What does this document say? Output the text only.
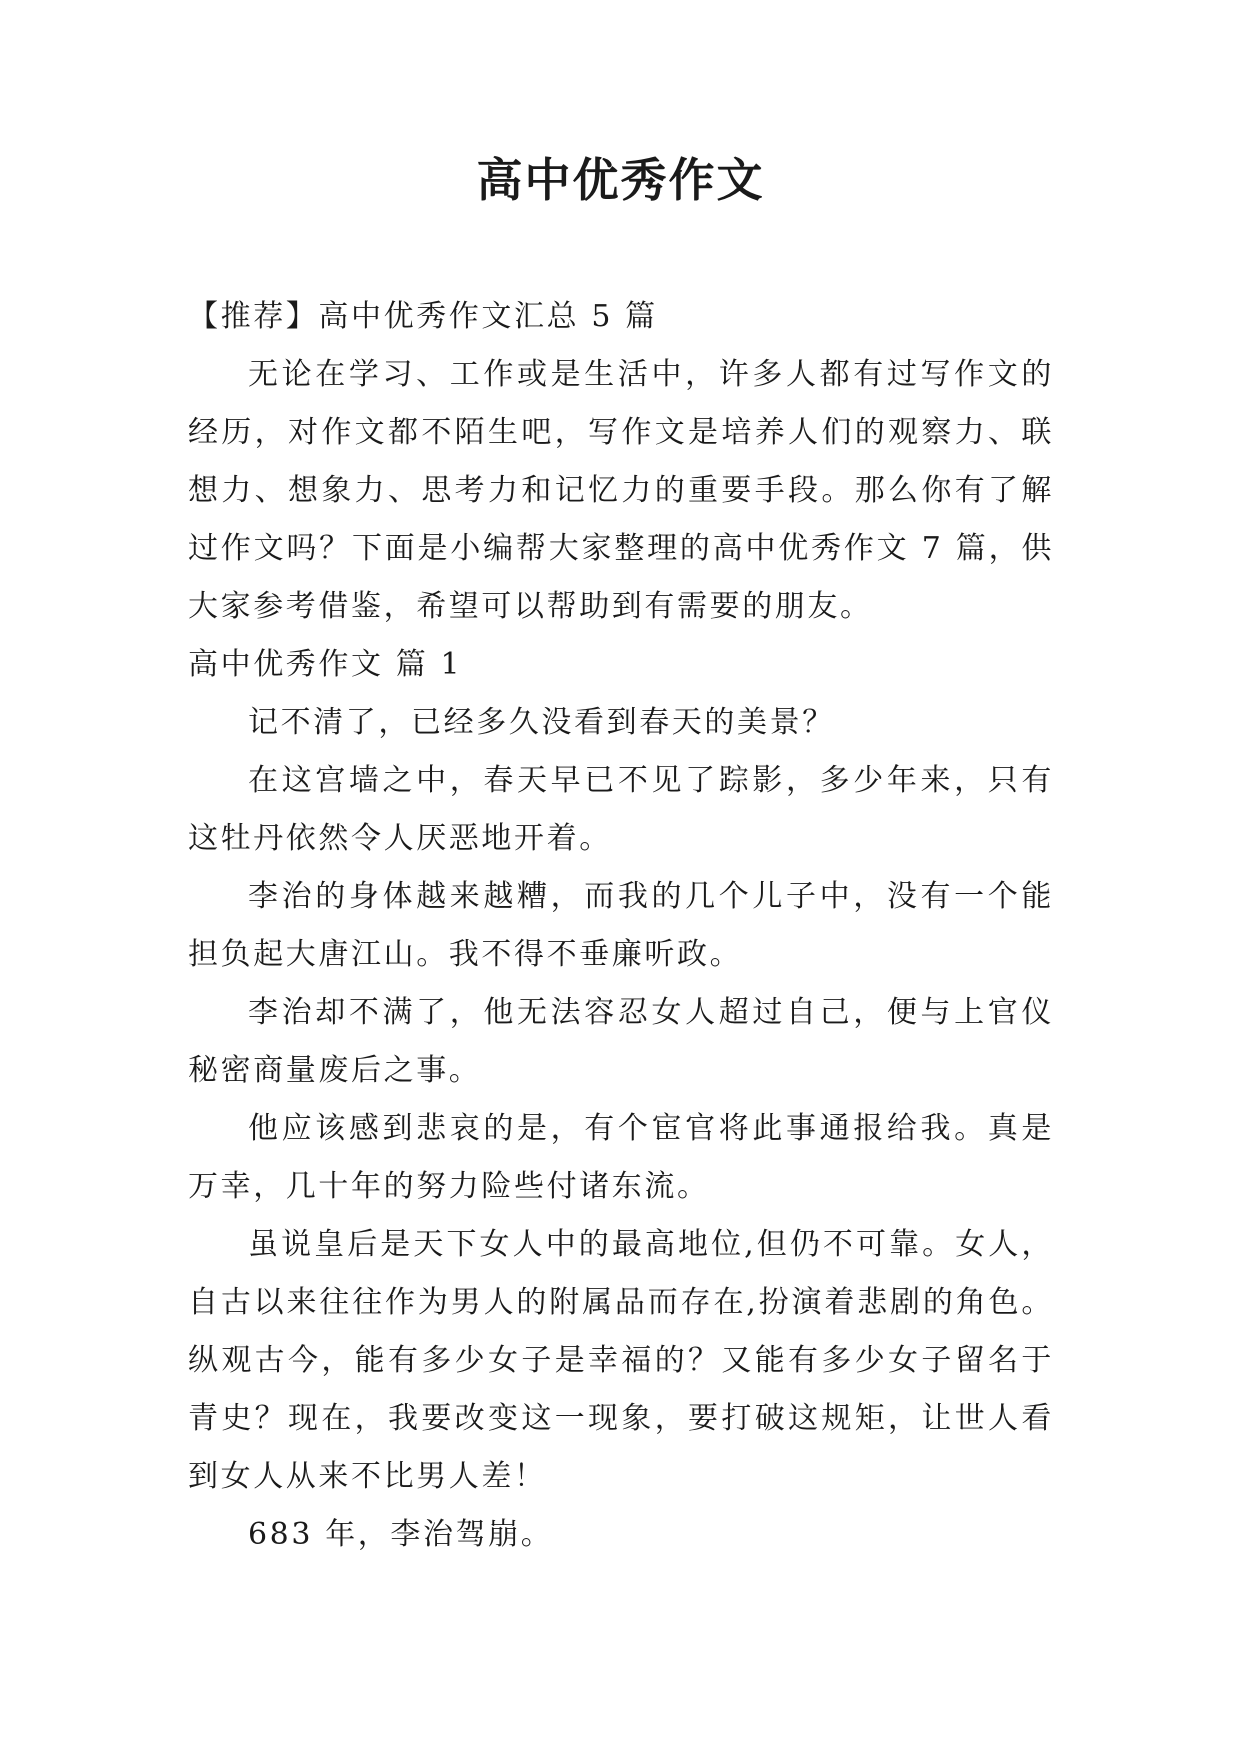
高中优秀作文

【推荐】高中优秀作文汇总 5 篇

无论在学习、工作或是生活中，许多人都有过写作文的经历，对作文都不陌生吧，写作文是培养人们的观察力、联想力、想象力、思考力和记忆力的重要手段。那么你有了解过作文吗？下面是小编帮大家整理的高中优秀作文 7 篇，供大家参考借鉴，希望可以帮助到有需要的朋友。

高中优秀作文 篇 1

记不清了，已经多久没看到春天的美景？

在这宫墙之中，春天早已不见了踪影，多少年来，只有这牡丹依然令人厌恶地开着。

李治的身体越来越糟，而我的几个儿子中，没有一个能担负起大唐江山。我不得不垂廉听政。

李治却不满了，他无法容忍女人超过自己，便与上官仪秘密商量废后之事。

他应该感到悲哀的是，有个宦官将此事通报给我。真是万幸，几十年的努力险些付诸东流。

虽说皇后是天下女人中的最高地位,但仍不可靠。女人，自古以来往往作为男人的附属品而存在,扮演着悲剧的角色。纵观古今，能有多少女子是幸福的？又能有多少女子留名于青史？现在，我要改变这一现象，要打破这规矩，让世人看到女人从来不比男人差！

683 年，李治驾崩。
